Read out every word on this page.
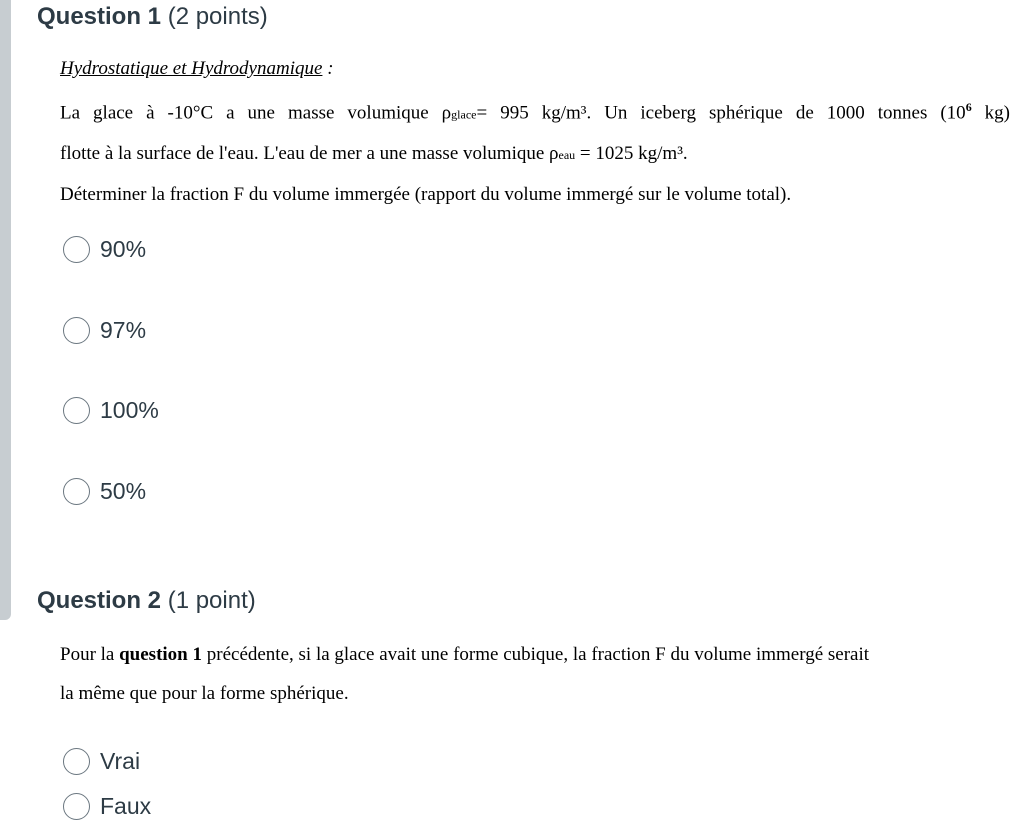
Question 1 (2 points)
Hydrostatique et Hydrodynamique :
La glace à -10°C a une masse volumique ρglace= 995 kg/m³. Un iceberg sphérique de 1000 tonnes ($10^6$ kg)
flotte à la surface de l'eau. L'eau de mer a une masse volumique ρeau = 1025 kg/m³.
Déterminer la fraction F du volume immergée (rapport du volume immergé sur le volume total).
90%
97%
100%
50%
Question 2 (1 point)
Pour la question 1 précédente, si la glace avait une forme cubique, la fraction F du volume immergé serait
la même que pour la forme sphérique.
Vrai
Faux
